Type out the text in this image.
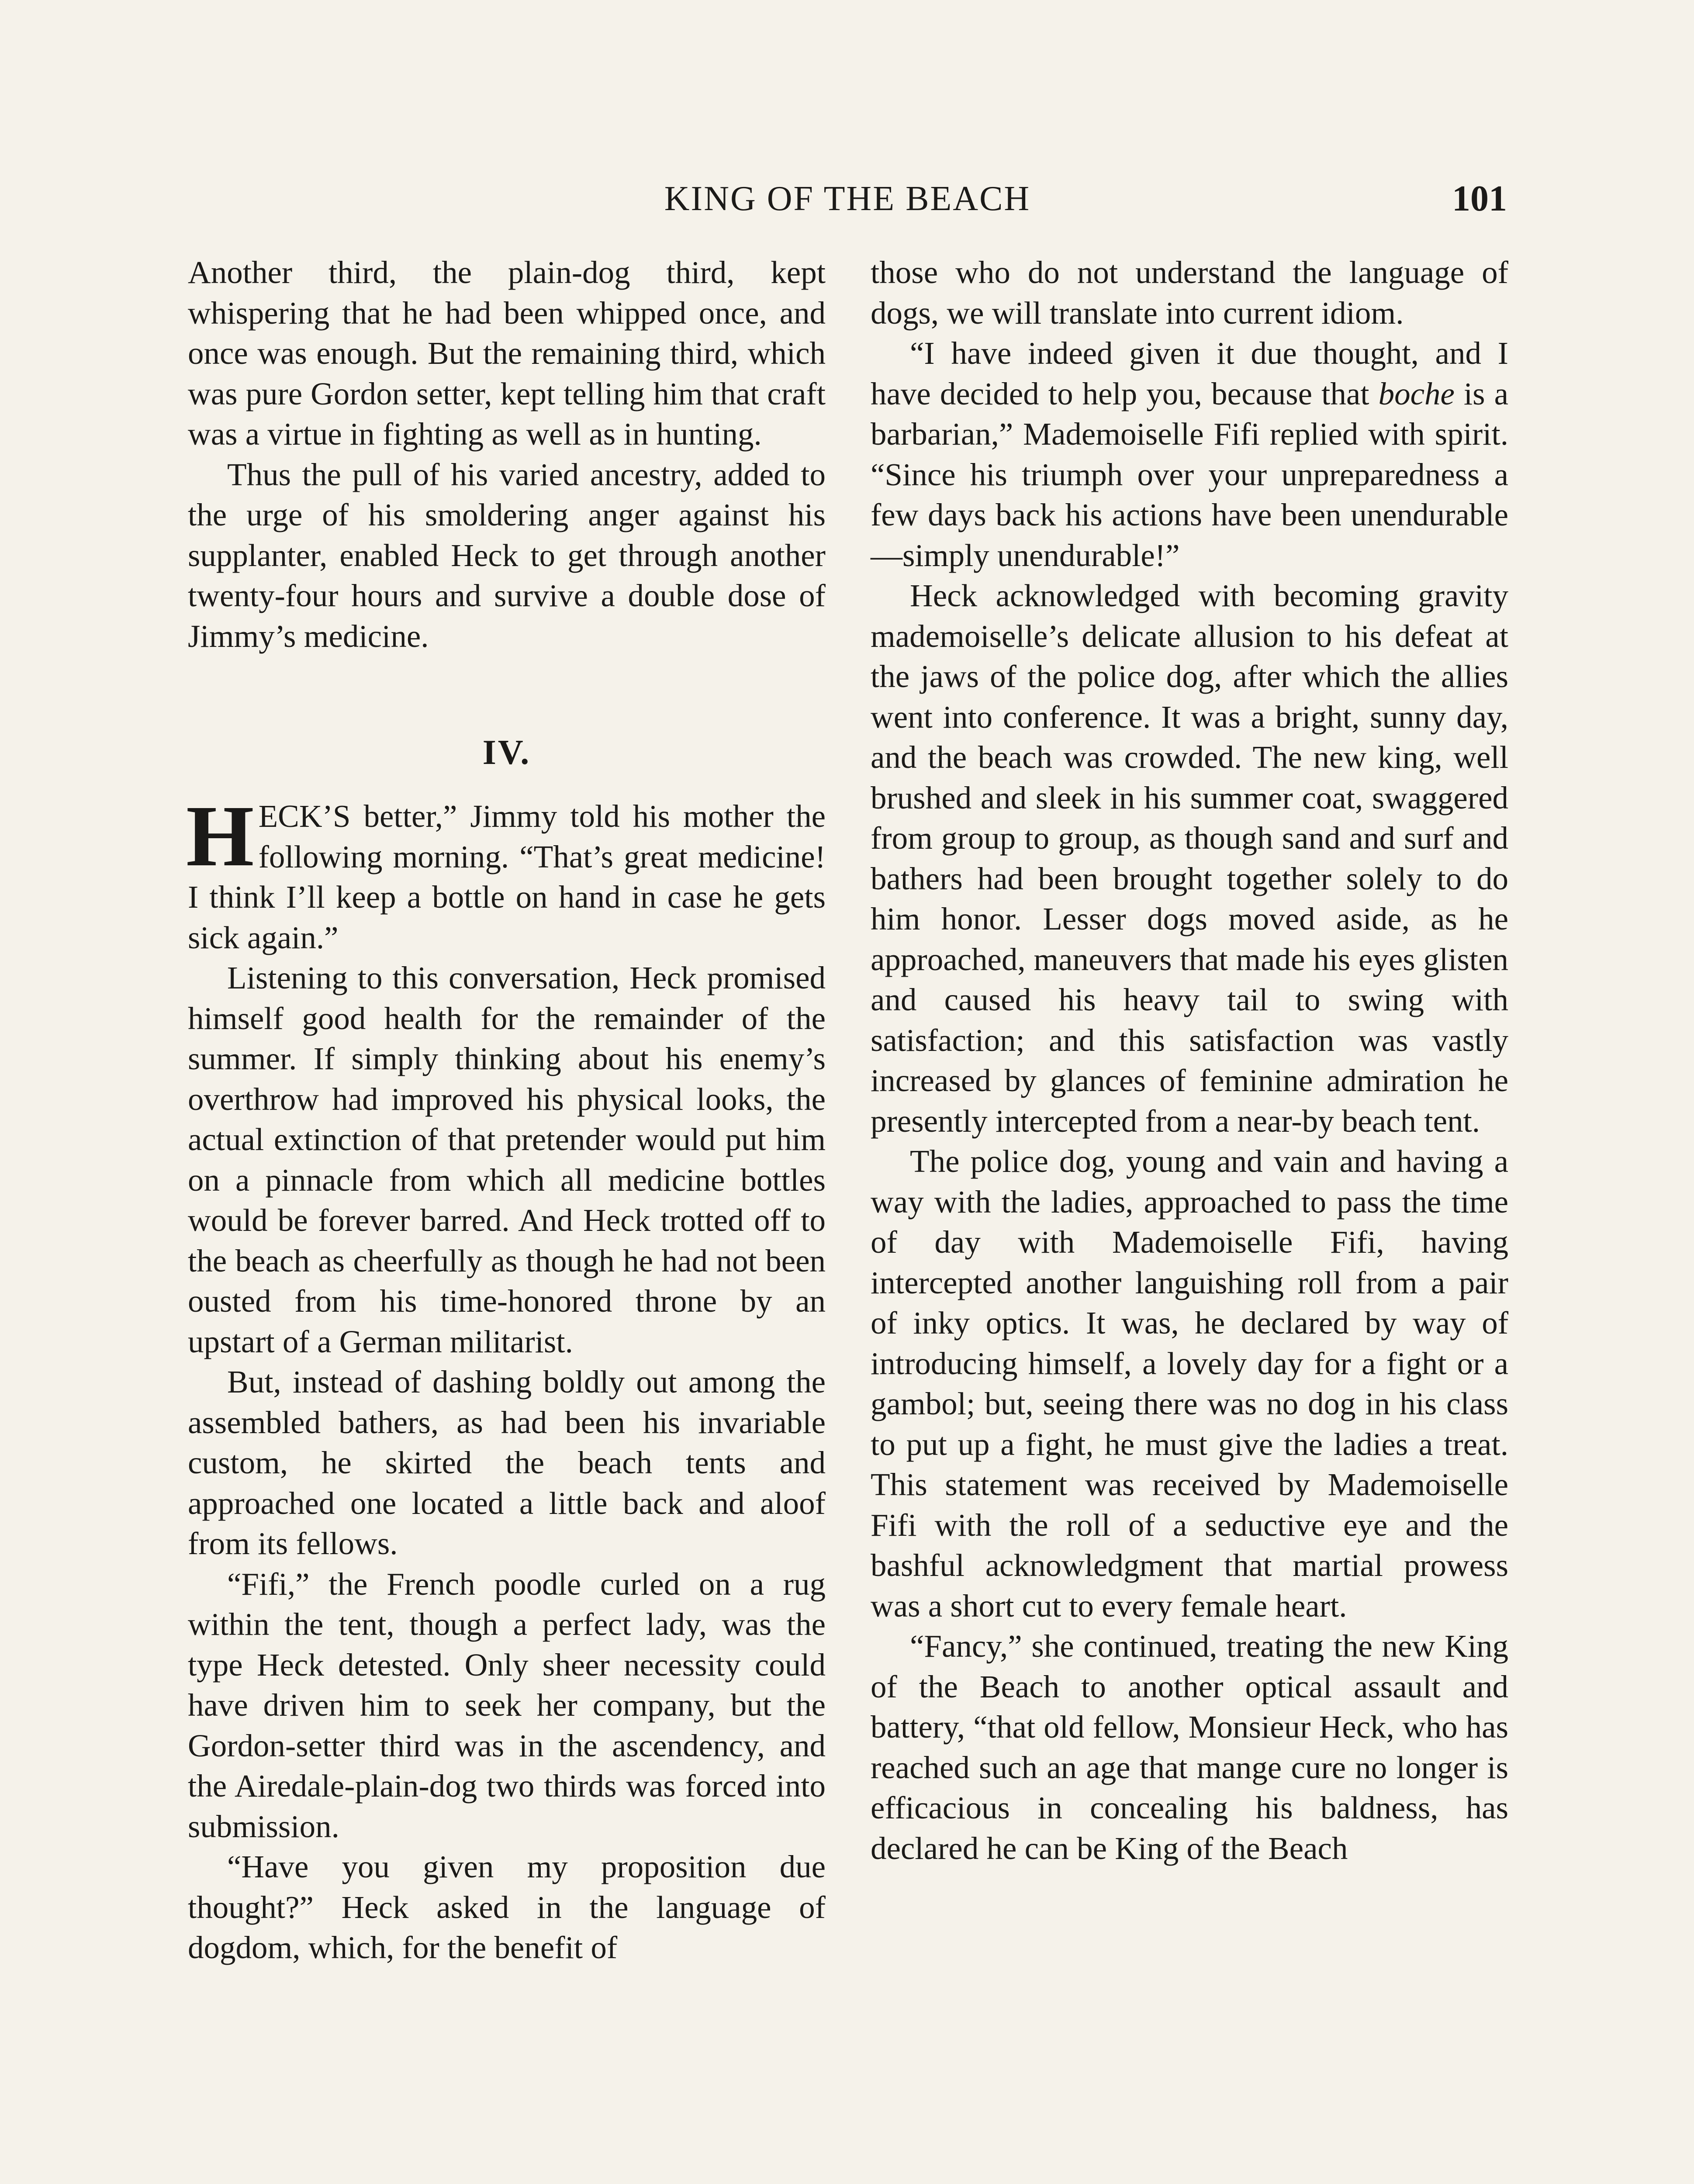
KING OF THE BEACH	101

Another third, the plain-dog third, kept whispering that he had been whipped once, and once was enough. But the remaining third, which was pure Gordon setter, kept telling him that craft was a virtue in fighting as well as in hunting.

Thus the pull of his varied ancestry, added to the urge of his smoldering anger against his supplanter, enabled Heck to get through another twenty-four hours and survive a double dose of Jimmy’s medicine.

IV.

HECK’S better,” Jimmy told his mother the following morning. “That’s great medicine! I think I’ll keep a bottle on hand in case he gets sick again.”

Listening to this conversation, Heck promised himself good health for the remainder of the summer. If simply thinking about his enemy’s overthrow had improved his physical looks, the actual extinction of that pretender would put him on a pinnacle from which all medicine bottles would be forever barred. And Heck trotted off to the beach as cheerfully as though he had not been ousted from his time-honored throne by an upstart of a German militarist.

But, instead of dashing boldly out among the assembled bathers, as had been his invariable custom, he skirted the beach tents and approached one located a little back and aloof from its fellows.

“Fifi,” the French poodle curled on a rug within the tent, though a perfect lady, was the type Heck detested. Only sheer necessity could have driven him to seek her company, but the Gordon-setter third was in the ascendency, and the Airedale-plain-dog two thirds was forced into submission.

“Have you given my proposition due thought?” Heck asked in the language of dogdom, which, for the benefit of

those who do not understand the language of dogs, we will translate into current idiom.

“I have indeed given it due thought, and I have decided to help you, because that boche is a barbarian,” Mademoiselle Fifi replied with spirit. “Since his triumph over your unpreparedness a few days back his actions have been unendurable—simply unendurable!”

Heck acknowledged with becoming gravity mademoiselle’s delicate allusion to his defeat at the jaws of the police dog, after which the allies went into conference. It was a bright, sunny day, and the beach was crowded. The new king, well brushed and sleek in his summer coat, swaggered from group to group, as though sand and surf and bathers had been brought together solely to do him honor. Lesser dogs moved aside, as he approached, maneuvers that made his eyes glisten and caused his heavy tail to swing with satisfaction; and this satisfaction was vastly increased by glances of feminine admiration he presently intercepted from a near-by beach tent.

The police dog, young and vain and having a way with the ladies, approached to pass the time of day with Mademoiselle Fifi, having intercepted another languishing roll from a pair of inky optics. It was, he declared by way of introducing himself, a lovely day for a fight or a gambol; but, seeing there was no dog in his class to put up a fight, he must give the ladies a treat. This statement was received by Mademoiselle Fifi with the roll of a seductive eye and the bashful acknowledgment that martial prowess was a short cut to every female heart.

“Fancy,” she continued, treating the new King of the Beach to another optical assault and battery, “that old fellow, Monsieur Heck, who has reached such an age that mange cure no longer is efficacious in concealing his baldness, has declared he can be King of the Beach
